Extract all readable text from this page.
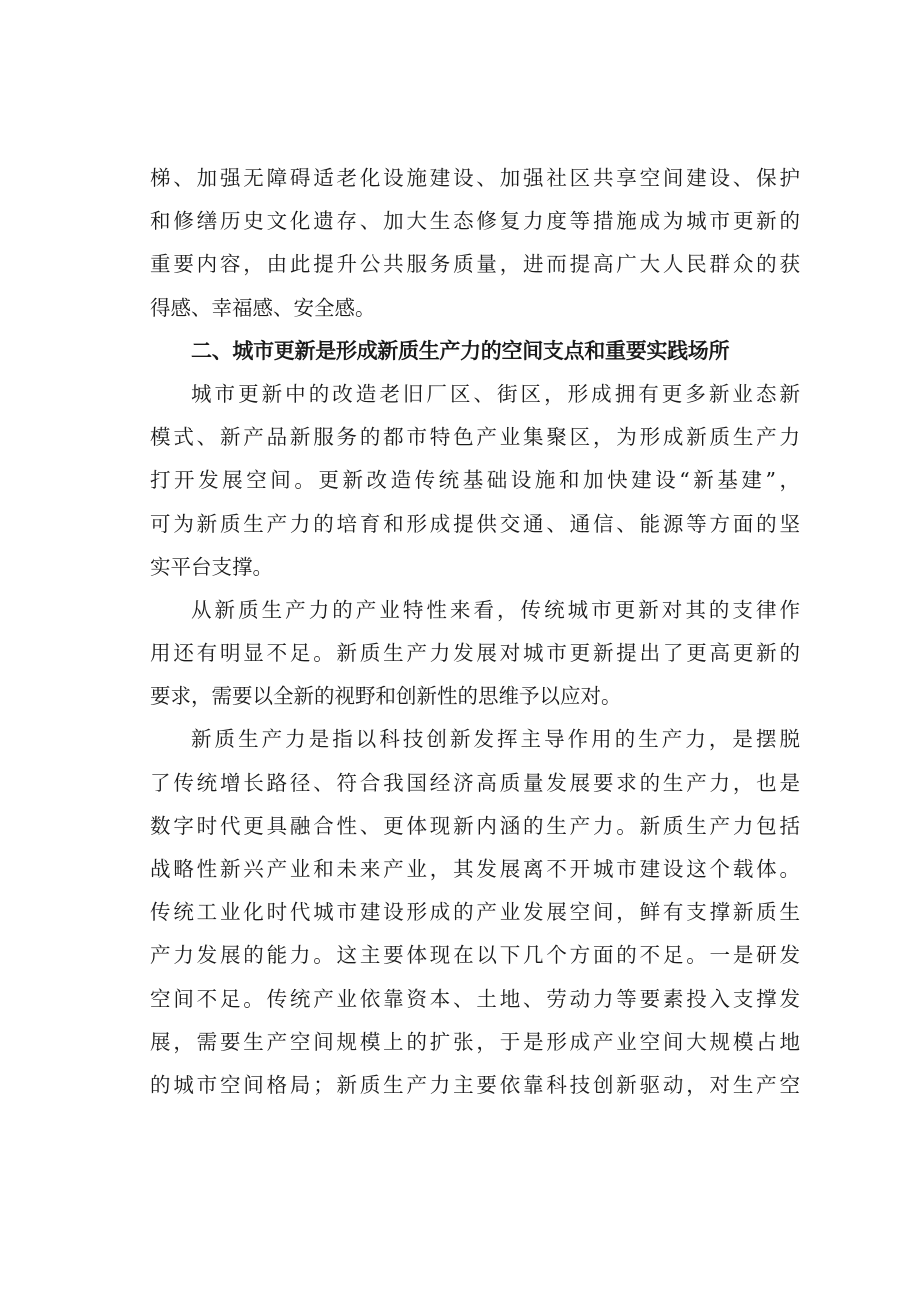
梯、加强无障碍适老化设施建设、加强社区共享空间建设、保护
和修缮历史文化遗存、加大生态修复力度等措施成为城市更新的
重要内容，由此提升公共服务质量，进而提高广大人民群众的获
得感、幸福感、安全感。
二、城市更新是形成新质生产力的空间支点和重要实践场所
城市更新中的改造老旧厂区、街区，形成拥有更多新业态新
模式、新产品新服务的都市特色产业集聚区，为形成新质生产力
打开发展空间。更新改造传统基础设施和加快建设“新基建”，
可为新质生产力的培育和形成提供交通、通信、能源等方面的坚
实平台支撑。
从新质生产力的产业特性来看，传统城市更新对其的支律作
用还有明显不足。新质生产力发展对城市更新提出了更高更新的
要求，需要以全新的视野和创新性的思维予以应对。
新质生产力是指以科技创新发挥主导作用的生产力，是摆脱
了传统增长路径、符合我国经济高质量发展要求的生产力，也是
数字时代更具融合性、更体现新内涵的生产力。新质生产力包括
战略性新兴产业和未来产业，其发展离不开城市建设这个载体。
传统工业化时代城市建设形成的产业发展空间，鲜有支撑新质生
产力发展的能力。这主要体现在以下几个方面的不足。一是研发
空间不足。传统产业依靠资本、土地、劳动力等要素投入支撑发
展，需要生产空间规模上的扩张，于是形成产业空间大规模占地
的城市空间格局；新质生产力主要依靠科技创新驱动，对生产空
